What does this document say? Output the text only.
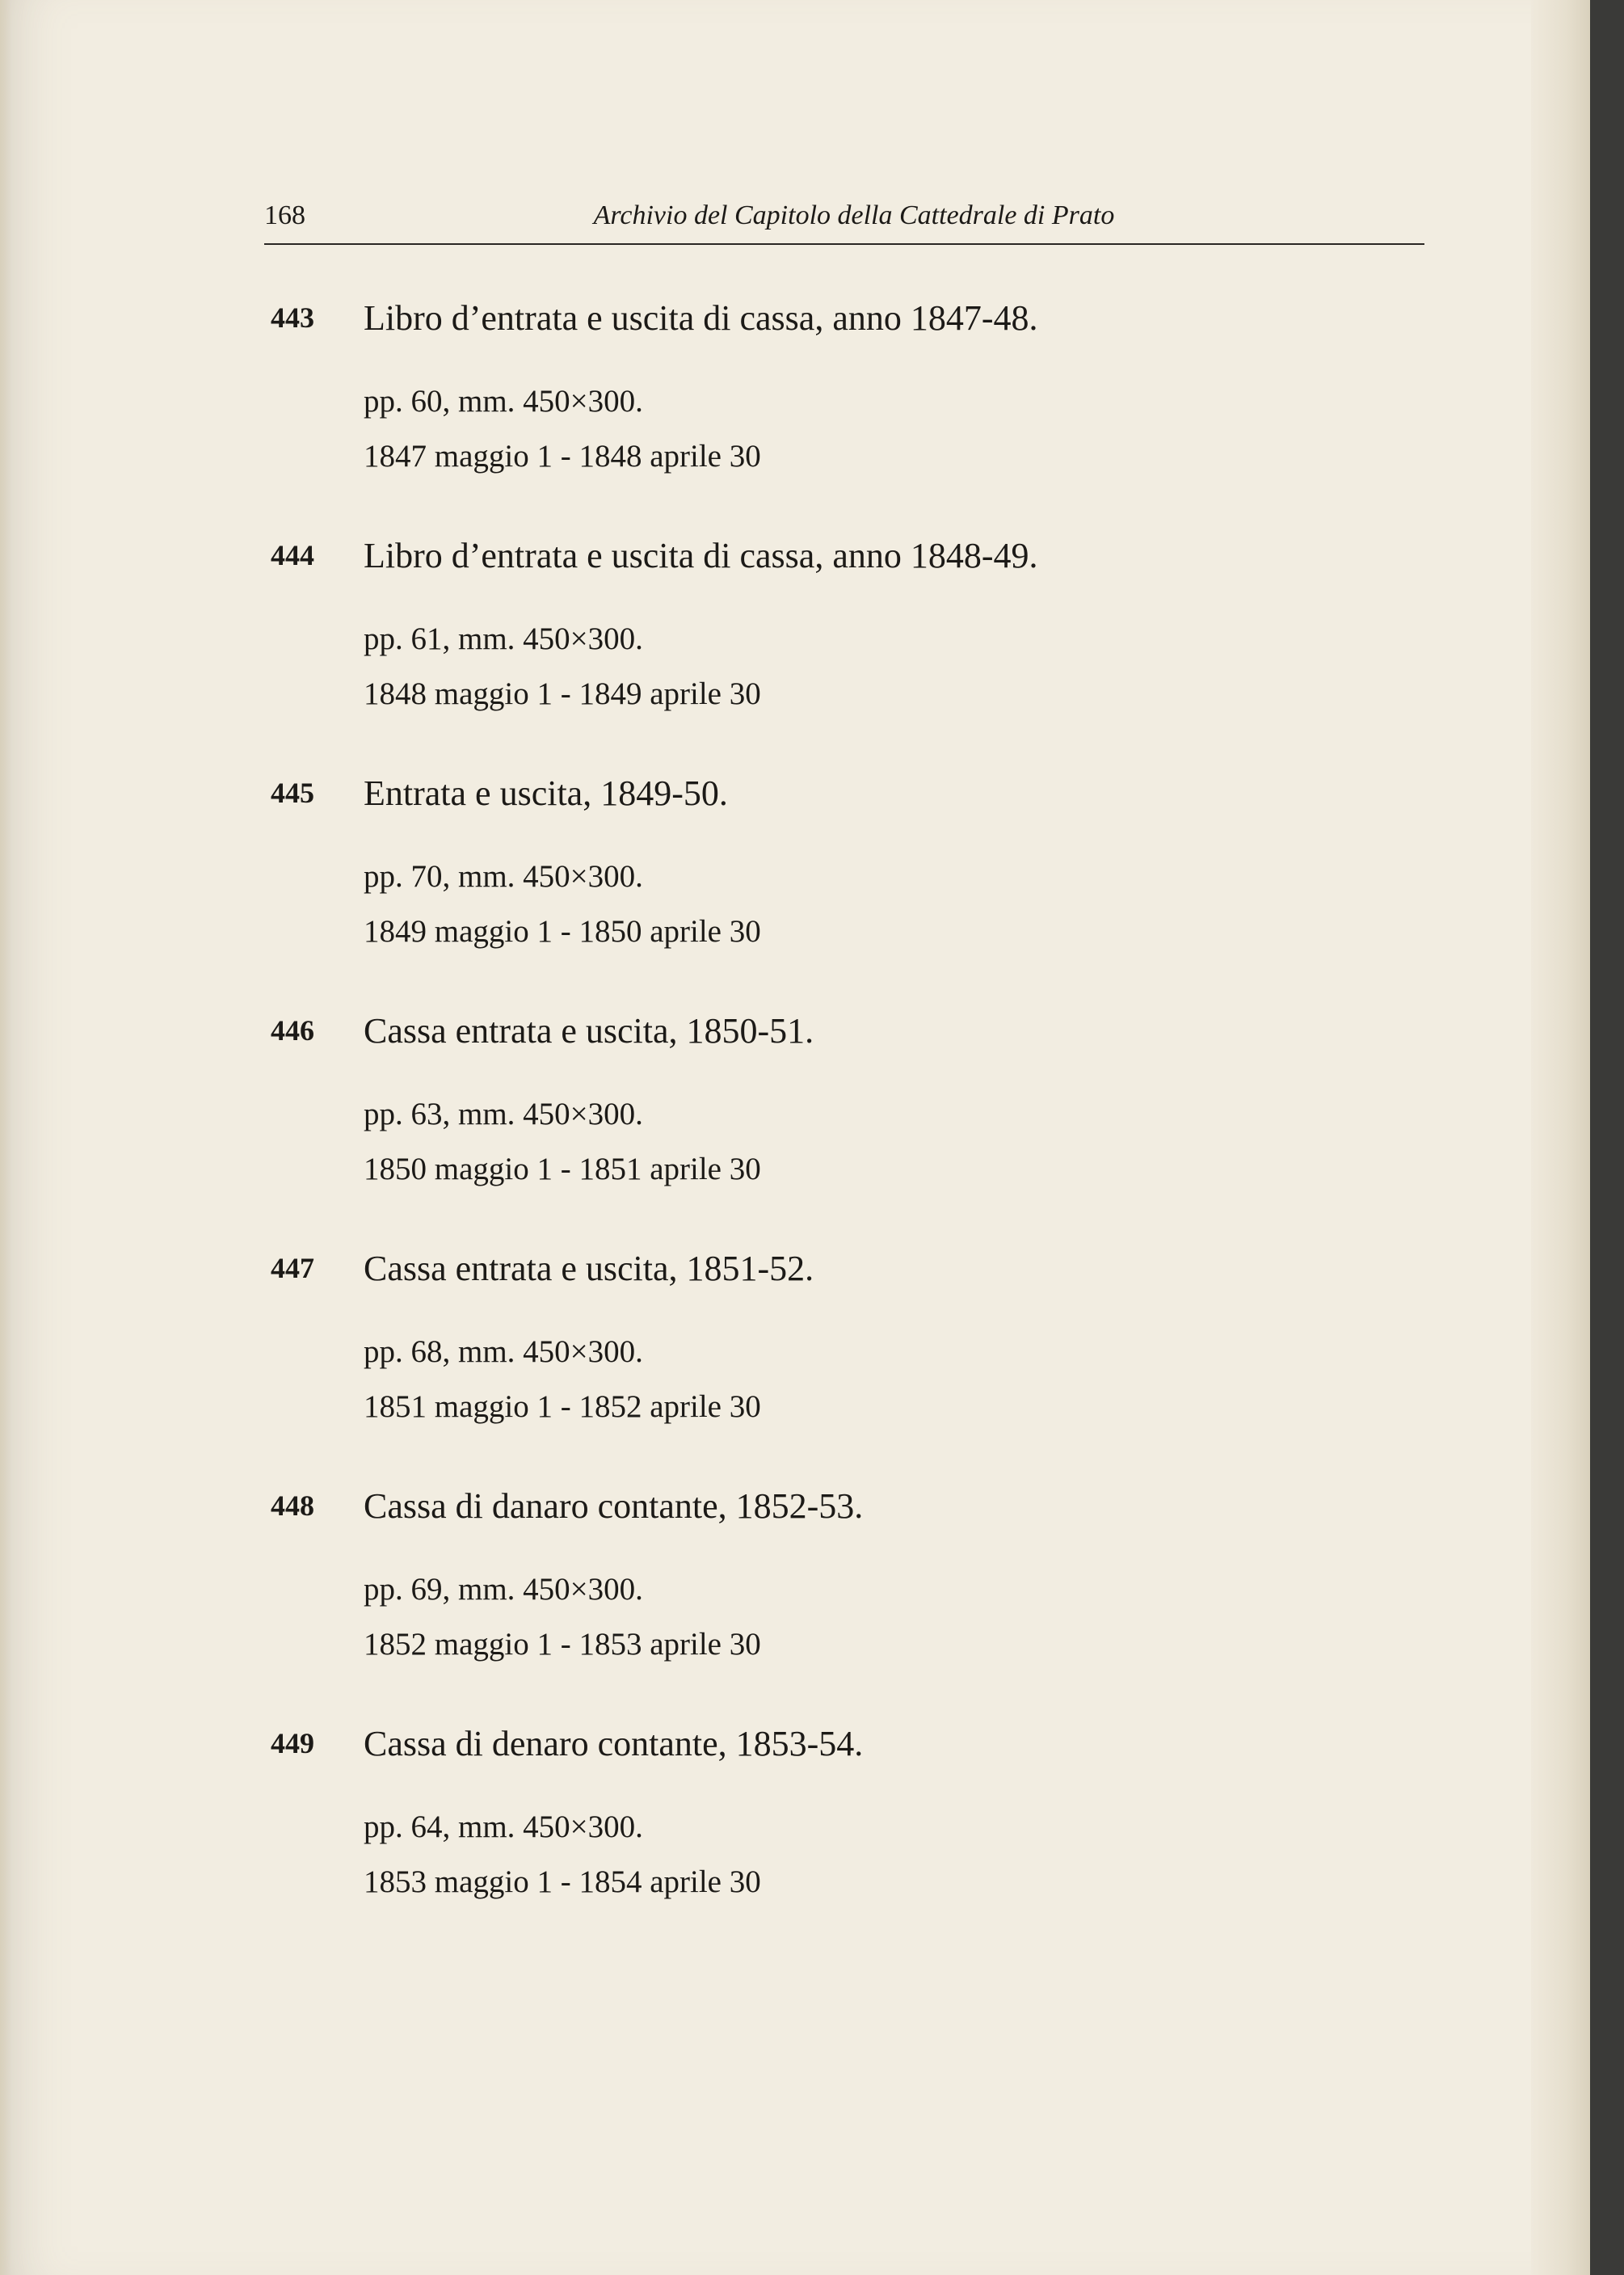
168	Archivio del Capitolo della Cattedrale di Prato
443 Libro d’entrata e uscita di cassa, anno 1847-48.
pp. 60, mm. 450×300.
1847 maggio 1 - 1848 aprile 30
444 Libro d’entrata e uscita di cassa, anno 1848-49.
pp. 61, mm. 450×300.
1848 maggio 1 - 1849 aprile 30
445 Entrata e uscita, 1849-50.
pp. 70, mm. 450×300.
1849 maggio 1 - 1850 aprile 30
446 Cassa entrata e uscita, 1850-51.
pp. 63, mm. 450×300.
1850 maggio 1 - 1851 aprile 30
447 Cassa entrata e uscita, 1851-52.
pp. 68, mm. 450×300.
1851 maggio 1 - 1852 aprile 30
448 Cassa di danaro contante, 1852-53.
pp. 69, mm. 450×300.
1852 maggio 1 - 1853 aprile 30
449 Cassa di denaro contante, 1853-54.
pp. 64, mm. 450×300.
1853 maggio 1 - 1854 aprile 30
